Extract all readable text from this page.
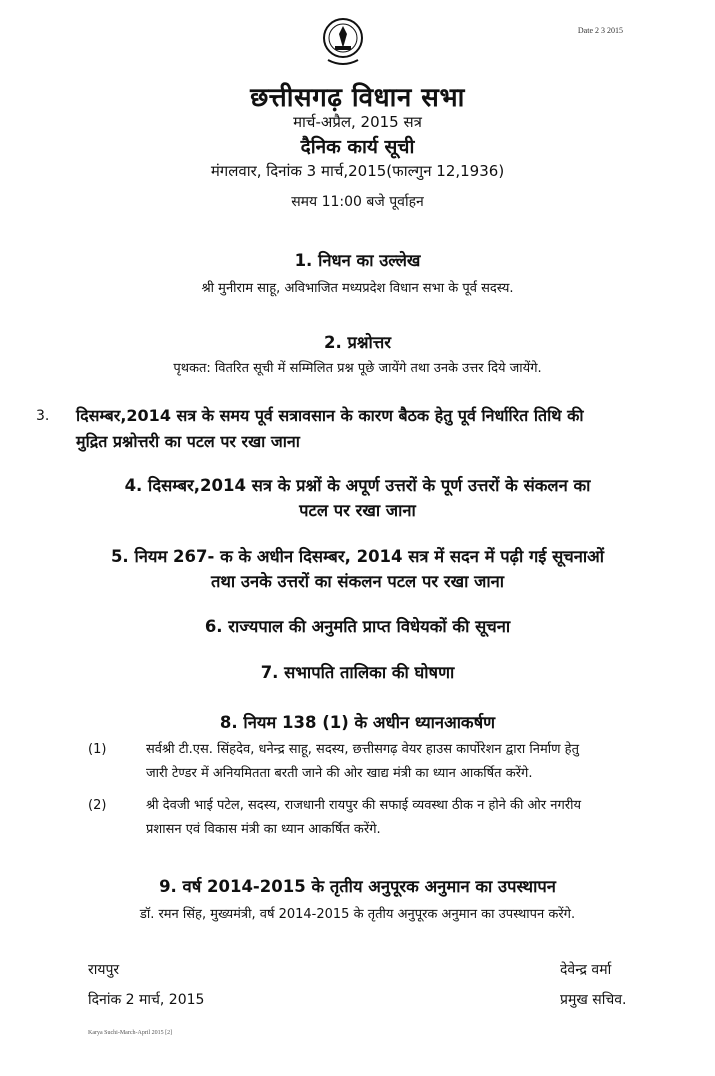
Date 2 3 2015
छत्तीसगढ़ विधान सभा
मार्च-अप्रैल, 2015 सत्र
दैनिक कार्य सूची
मंगलवार, दिनांक 3 मार्च,2015(फाल्गुन 12,1936)
समय 11:00 बजे पूर्वाहन
1. निधन का उल्लेख
श्री मुनीराम साहू, अविभाजित मध्यप्रदेश विधान सभा के पूर्व सदस्य.
2. प्रश्नोत्तर
पृथकत: वितरित सूची में सम्मिलित प्रश्न पूछे जायेंगे तथा उनके उत्तर दिये जायेंगे.
3. दिसम्बर,2014 सत्र के समय पूर्व सत्रावसान के कारण बैठक हेतु पूर्व निर्धारित तिथि की
मुद्रित प्रश्नोत्तरी का पटल पर रखा जाना
4. दिसम्बर,2014 सत्र के प्रश्नों के अपूर्ण उत्तरों के पूर्ण उत्तरों के संकलन का
पटल पर रखा जाना
5. नियम 267- क के अधीन दिसम्बर, 2014 सत्र में सदन में पढ़ी गई सूचनाओं
तथा उनके उत्तरों का संकलन पटल पर रखा जाना
6. राज्यपाल की अनुमति प्राप्त विधेयकों की सूचना
7. सभापति तालिका की घोषणा
8. नियम 138 (1) के अधीन ध्यानआकर्षण
(1)	सर्वश्री टी.एस. सिंहदेव, धनेन्द्र साहू, सदस्य, छत्तीसगढ़ वेयर हाउस कार्पोरेशन द्वारा निर्माण हेतु
जारी टेण्डर में अनियमितता बरती जाने की ओर खाद्य मंत्री का ध्यान आकर्षित करेंगे.
(2)	श्री देवजी भाई पटेल, सदस्य, राजधानी रायपुर की सफाई व्यवस्था ठीक न होने की ओर नगरीय
प्रशासन एवं विकास मंत्री का ध्यान आकर्षित करेंगे.
9. वर्ष 2014-2015 के तृतीय अनुपूरक अनुमान का उपस्थापन
डॉ. रमन सिंह, मुख्यमंत्री, वर्ष 2014-2015 के तृतीय अनुपूरक अनुमान का उपस्थापन करेंगे.
रायपुर
दिनांक 2 मार्च, 2015
देवेन्द्र वर्मा
प्रमुख सचिव.
Karya Suchi-March-April 2015 [2]
